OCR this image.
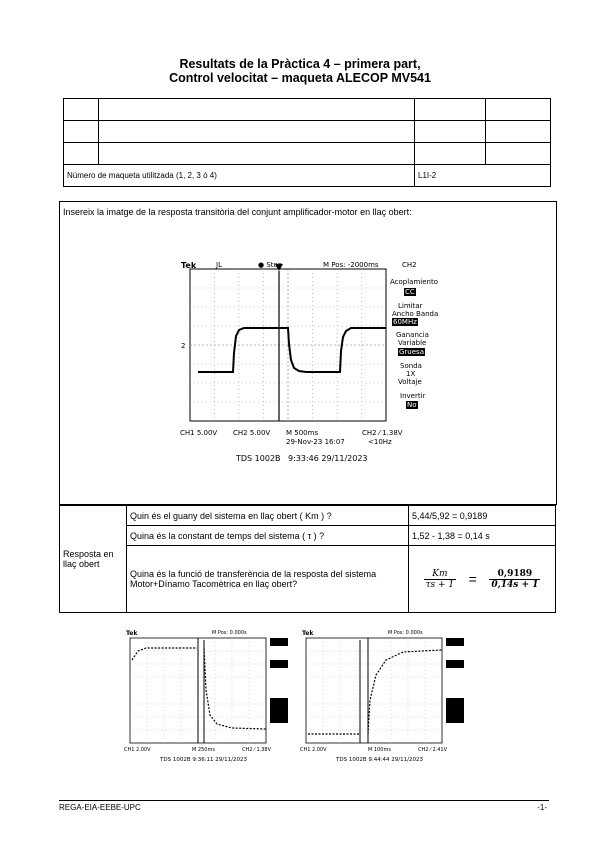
Resultats de la Pràctica 4 – primera part,
Control velocitat – maqueta ALECOP MV541

Número de maqueta utilitzada (1, 2, 3 ó 4)		L1I-2	
Insereix la imatge de la resposta transitòria del conjunt amplificador-motor en llaç obert:
Tek	JL	● Stop	M Pos: -2000ms	CH2
2
Acoplamiento
CC
Limitar
Ancho Banda
60MHz
Ganancia
Variable
Gruesa
Sonda
1X
Voltaje
Invertir
No
CH1 5.00V CH2 5.00V M 500ms
29-Nov-23 16:07
CH2 ⁄ 1.38V
<10Hz
TDS 1002B 9:33:46 29/11/2023
Resposta en llaç obert	Quin és el guany del sistema en llaç obert ( Km ) ?	5,44/5,92 = 0,9189
	Quina és la constant de temps del sistema ( τ ) ?	1,52 - 1,38 = 0,14 s
	Quina és la funció de transferència de la resposta del sistema Motor+Dínamo Tacomètrica en llaç obert?	$\frac{Km}{\tau s + 1} = \frac{0,9189}{0,14s + 1}$
Tek	M Pos: 0.000s
CH1 2.00V	M 250ms	CH2 ⁄ 1.38V
TDS 1002B 9:36:11 29/11/2023
Tek	M Pos: 0.000s
CH1 2.00V	M 100ms	CH2 ⁄ 2.41V
TDS 1002B 9:44:44 29/11/2023
REGA-EIA-EEBE-UPC	-1-
